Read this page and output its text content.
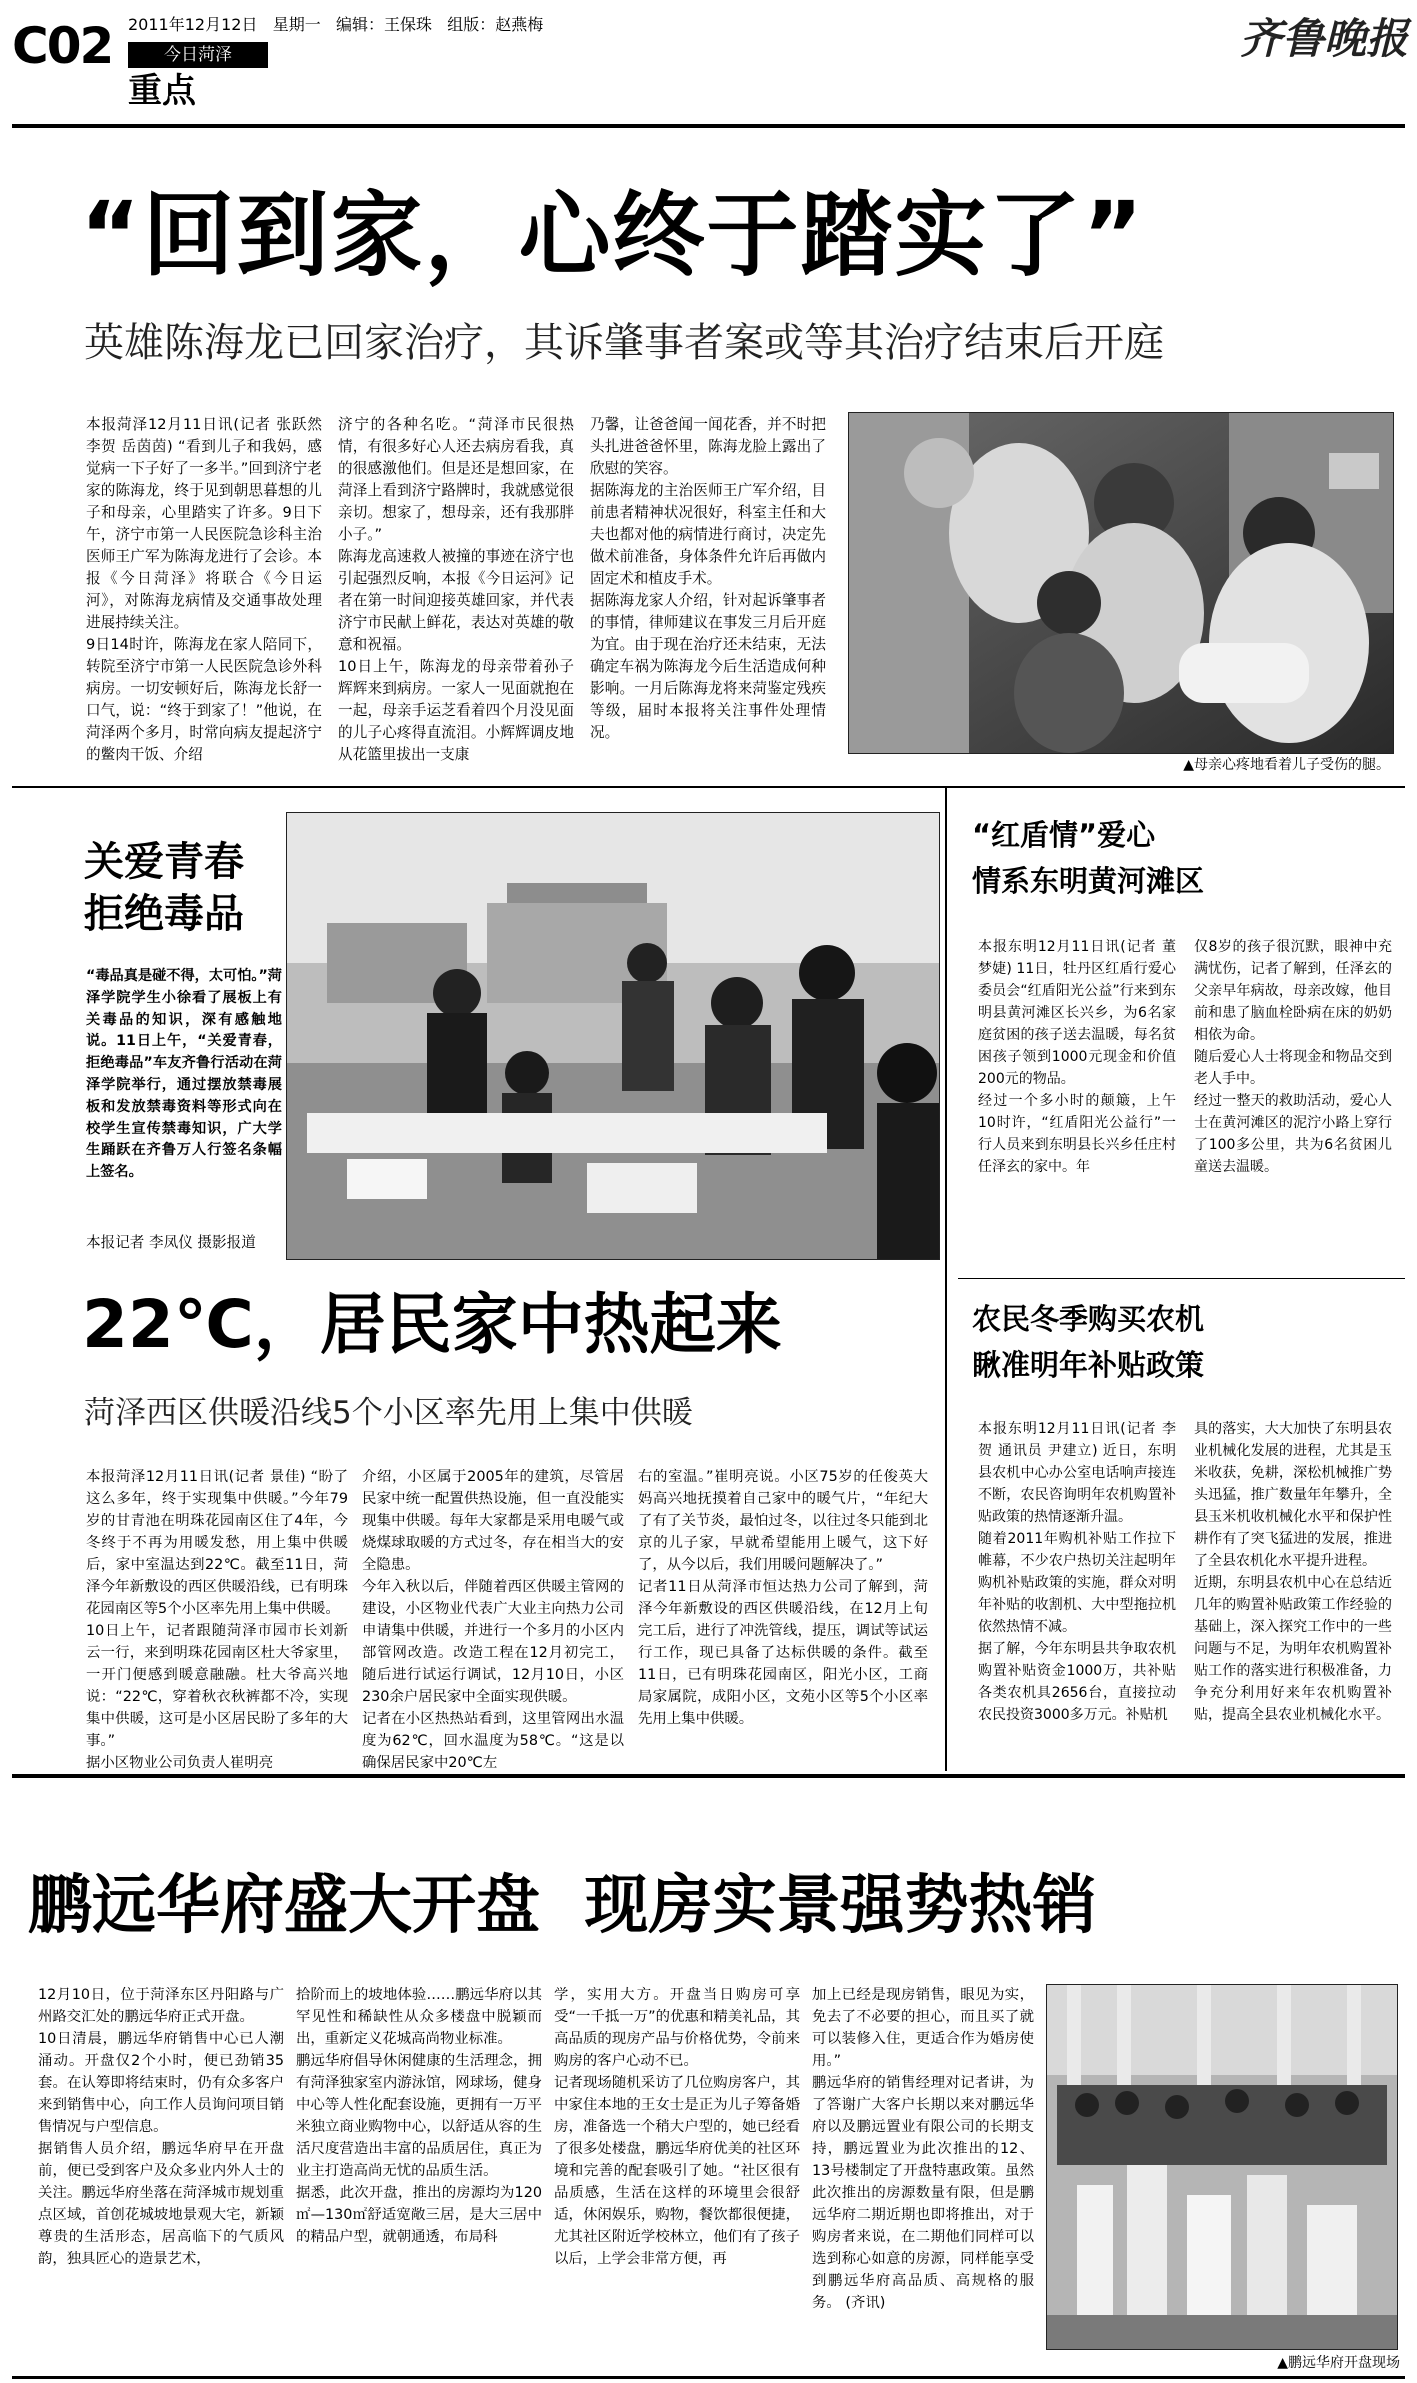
C02 2011年12月12日 星期一 编辑：王保珠 组版：赵燕梅
今日菏泽
重点
齐鲁晚报
“回到家，心终于踏实了”
英雄陈海龙已回家治疗，其诉肇事者案或等其治疗结束后开庭
本报菏泽12月11日讯(记者 张跃然 李贺 岳茵茵) “看到儿子和我妈，感觉病一下子好了一多半。”回到济宁老家的陈海龙，终于见到朝思暮想的儿子和母亲，心里踏实了许多。9日下午，济宁市第一人民医院急诊科主治医师王广军为陈海龙进行了会诊。本报《今日菏泽》将联合《今日运河》，对陈海龙病情及交通事故处理进展持续关注。
9日14时许，陈海龙在家人陪同下，转院至济宁市第一人民医院急诊外科病房。一切安顿好后，陈海龙长舒一口气，说：“终于到家了！”他说，在菏泽两个多月，时常向病友提起济宁的鳖肉干饭、介绍
济宁的各种名吃。“菏泽市民很热情，有很多好心人还去病房看我，真的很感激他们。但是还是想回家，在菏泽上看到济宁路牌时，我就感觉很亲切。想家了，想母亲，还有我那胖小子。”
陈海龙高速救人被撞的事迹在济宁也引起强烈反响，本报《今日运河》记者在第一时间迎接英雄回家，并代表济宁市民献上鲜花，表达对英雄的敬意和祝福。
10日上午，陈海龙的母亲带着孙子辉辉来到病房。一家人一见面就抱在一起，母亲手运芝看着四个月没见面的儿子心疼得直流泪。小辉辉调皮地从花篮里拔出一支康
乃馨，让爸爸闻一闻花香，并不时把头扎进爸爸怀里，陈海龙脸上露出了欣慰的笑容。
据陈海龙的主治医师王广军介绍，目前患者精神状况很好，科室主任和大夫也都对他的病情进行商讨，决定先做术前准备，身体条件允许后再做内固定术和植皮手术。
据陈海龙家人介绍，针对起诉肇事者的事情，律师建议在事发三月后开庭为宜。由于现在治疗还未结束，无法确定车祸为陈海龙今后生活造成何种影响。一月后陈海龙将来菏鉴定残疾等级，届时本报将关注事件处理情况。
▲母亲心疼地看着儿子受伤的腿。
关爱青春
拒绝毒品
“毒品真是碰不得，太可怕。”菏泽学院学生小徐看了展板上有关毒品的知识，深有感触地说。11日上午，“关爱青春，拒绝毒品”车友齐鲁行活动在菏泽学院举行，通过摆放禁毒展板和发放禁毒资料等形式向在校学生宣传禁毒知识，广大学生踊跃在齐鲁万人行签名条幅上签名。
本报记者 李凤仪 摄影报道
“红盾情”爱心
情系东明黄河滩区
本报东明12月11日讯(记者 董梦婕) 11日，牡丹区红盾行爱心委员会“红盾阳光公益”行来到东明县黄河滩区长兴乡，为6名家庭贫困的孩子送去温暖，每名贫困孩子领到1000元现金和价值200元的物品。
经过一个多小时的颠簸，上午10时许，“红盾阳光公益行”一行人员来到东明县长兴乡任庄村任泽玄的家中。年
仅8岁的孩子很沉默，眼神中充满忧伤，记者了解到，任泽玄的父亲早年病故，母亲改嫁，他目前和患了脑血栓卧病在床的奶奶相依为命。
随后爱心人士将现金和物品交到老人手中。
经过一整天的救助活动，爱心人士在黄河滩区的泥泞小路上穿行了100多公里，共为6名贫困儿童送去温暖。
22℃，居民家中热起来
菏泽西区供暖沿线5个小区率先用上集中供暖
本报菏泽12月11日讯(记者 景佳) “盼了这么多年，终于实现集中供暖。”今年79岁的甘青池在明珠花园南区住了4年，今冬终于不再为用暖发愁，用上集中供暖后，家中室温达到22℃。截至11日，菏泽今年新敷设的西区供暖沿线，已有明珠花园南区等5个小区率先用上集中供暖。
10日上午，记者跟随菏泽市园市长刘新云一行，来到明珠花园南区杜大爷家里，一开门便感到暖意融融。杜大爷高兴地说：“22℃，穿着秋衣秋裤都不冷，实现集中供暖，这可是小区居民盼了多年的大事。”
据小区物业公司负责人崔明亮
介绍，小区属于2005年的建筑，尽管居民家中统一配置供热设施，但一直没能实现集中供暖。每年大家都是采用电暖气或烧煤球取暖的方式过冬，存在相当大的安全隐患。
今年入秋以后，伴随着西区供暖主管网的建设，小区物业代表广大业主向热力公司申请集中供暖，并进行一个多月的小区内部管网改造。改造工程在12月初完工，随后进行试运行调试，12月10日，小区230余户居民家中全面实现供暖。
记者在小区热热站看到，这里管网出水温度为62℃，回水温度为58℃。“这是以确保居民家中20℃左
右的室温。”崔明亮说。小区75岁的任俊英大妈高兴地抚摸着自己家中的暖气片，“年纪大了有了关节炎，最怕过冬，以往过冬只能到北京的儿子家，早就希望能用上暖气，这下好了，从今以后，我们用暖问题解决了。”
记者11日从菏泽市恒达热力公司了解到，菏泽今年新敷设的西区供暖沿线，在12月上旬完工后，进行了冲洗管线，提压，调试等试运行工作，现已具备了达标供暖的条件。截至11日，已有明珠花园南区，阳光小区，工商局家属院，成阳小区，文苑小区等5个小区率先用上集中供暖。
农民冬季购买农机
瞅准明年补贴政策
本报东明12月11日讯(记者 李贺 通讯员 尹建立) 近日，东明县农机中心办公室电话响声接连不断，农民咨询明年农机购置补贴政策的热情逐渐升温。
随着2011年购机补贴工作拉下帷幕，不少农户热切关注起明年购机补贴政策的实施，群众对明年补贴的收割机、大中型拖拉机依然热情不减。
据了解，今年东明县共争取农机购置补贴资金1000万，共补贴各类农机具2656台，直接拉动农民投资3000多万元。补贴机
具的落实，大大加快了东明县农业机械化发展的进程，尤其是玉米收获，免耕，深松机械推广势头迅猛，推广数量年年攀升，全县玉米机收机械化水平和保护性耕作有了突飞猛进的发展，推进了全县农机化水平提升进程。
近期，东明县农机中心在总结近几年的购置补贴政策工作经验的基础上，深入探究工作中的一些问题与不足，为明年农机购置补贴工作的落实进行积极准备，力争充分利用好来年农机购置补贴，提高全县农业机械化水平。
鹏远华府盛大开盘  现房实景强势热销
12月10日，位于菏泽东区丹阳路与广州路交汇处的鹏远华府正式开盘。
10日清晨，鹏远华府销售中心已人潮涌动。开盘仅2个小时，便已劲销35套。在认筹即将结束时，仍有众多客户来到销售中心，向工作人员询问项目销售情况与户型信息。
据销售人员介绍，鹏远华府早在开盘前，便已受到客户及众多业内外人士的关注。鹏远华府坐落在菏泽城市规划重点区域，首创花城坡地景观大宅，新颖尊贵的生活形态，居高临下的气质风韵，独具匠心的造景艺术，
拾阶而上的坡地体验……鹏远华府以其罕见性和稀缺性从众多楼盘中脱颖而出，重新定义花城高尚物业标准。
鹏远华府倡导休闲健康的生活理念，拥有菏泽独家室内游泳馆，网球场，健身中心等人性化配套设施，更拥有一万平米独立商业购物中心，以舒适从容的生活尺度营造出丰富的品质居住，真正为业主打造高尚无忧的品质生活。
据悉，此次开盘，推出的房源均为120㎡—130㎡舒适宽敞三居，是大三居中的精品户型，就朝通透，布局科
学，实用大方。开盘当日购房可享受“一千抵一万”的优惠和精美礼品，其高品质的现房产品与价格优势，令前来购房的客户心动不已。
记者现场随机采访了几位购房客户，其中家住本地的王女士是正为儿子筹备婚房，准备选一个稍大户型的，她已经看了很多处楼盘，鹏远华府优美的社区环境和完善的配套吸引了她。“社区很有品质感，生活在这样的环境里会很舒适，休闲娱乐，购物，餐饮都很便捷，尤其社区附近学校林立，他们有了孩子以后，上学会非常方便，再
加上已经是现房销售，眼见为实，免去了不必要的担心，而且买了就可以装修入住，更适合作为婚房使用。”
鹏远华府的销售经理对记者讲，为了答谢广大客户长期以来对鹏远华府以及鹏远置业有限公司的长期支持，鹏远置业为此次推出的12、13号楼制定了开盘特惠政策。虽然此次推出的房源数量有限，但是鹏远华府二期近期也即将推出，对于购房者来说，在二期他们同样可以选到称心如意的房源，同样能享受到鹏远华府高品质、高规格的服务。 (齐讯)
▲鹏远华府开盘现场
